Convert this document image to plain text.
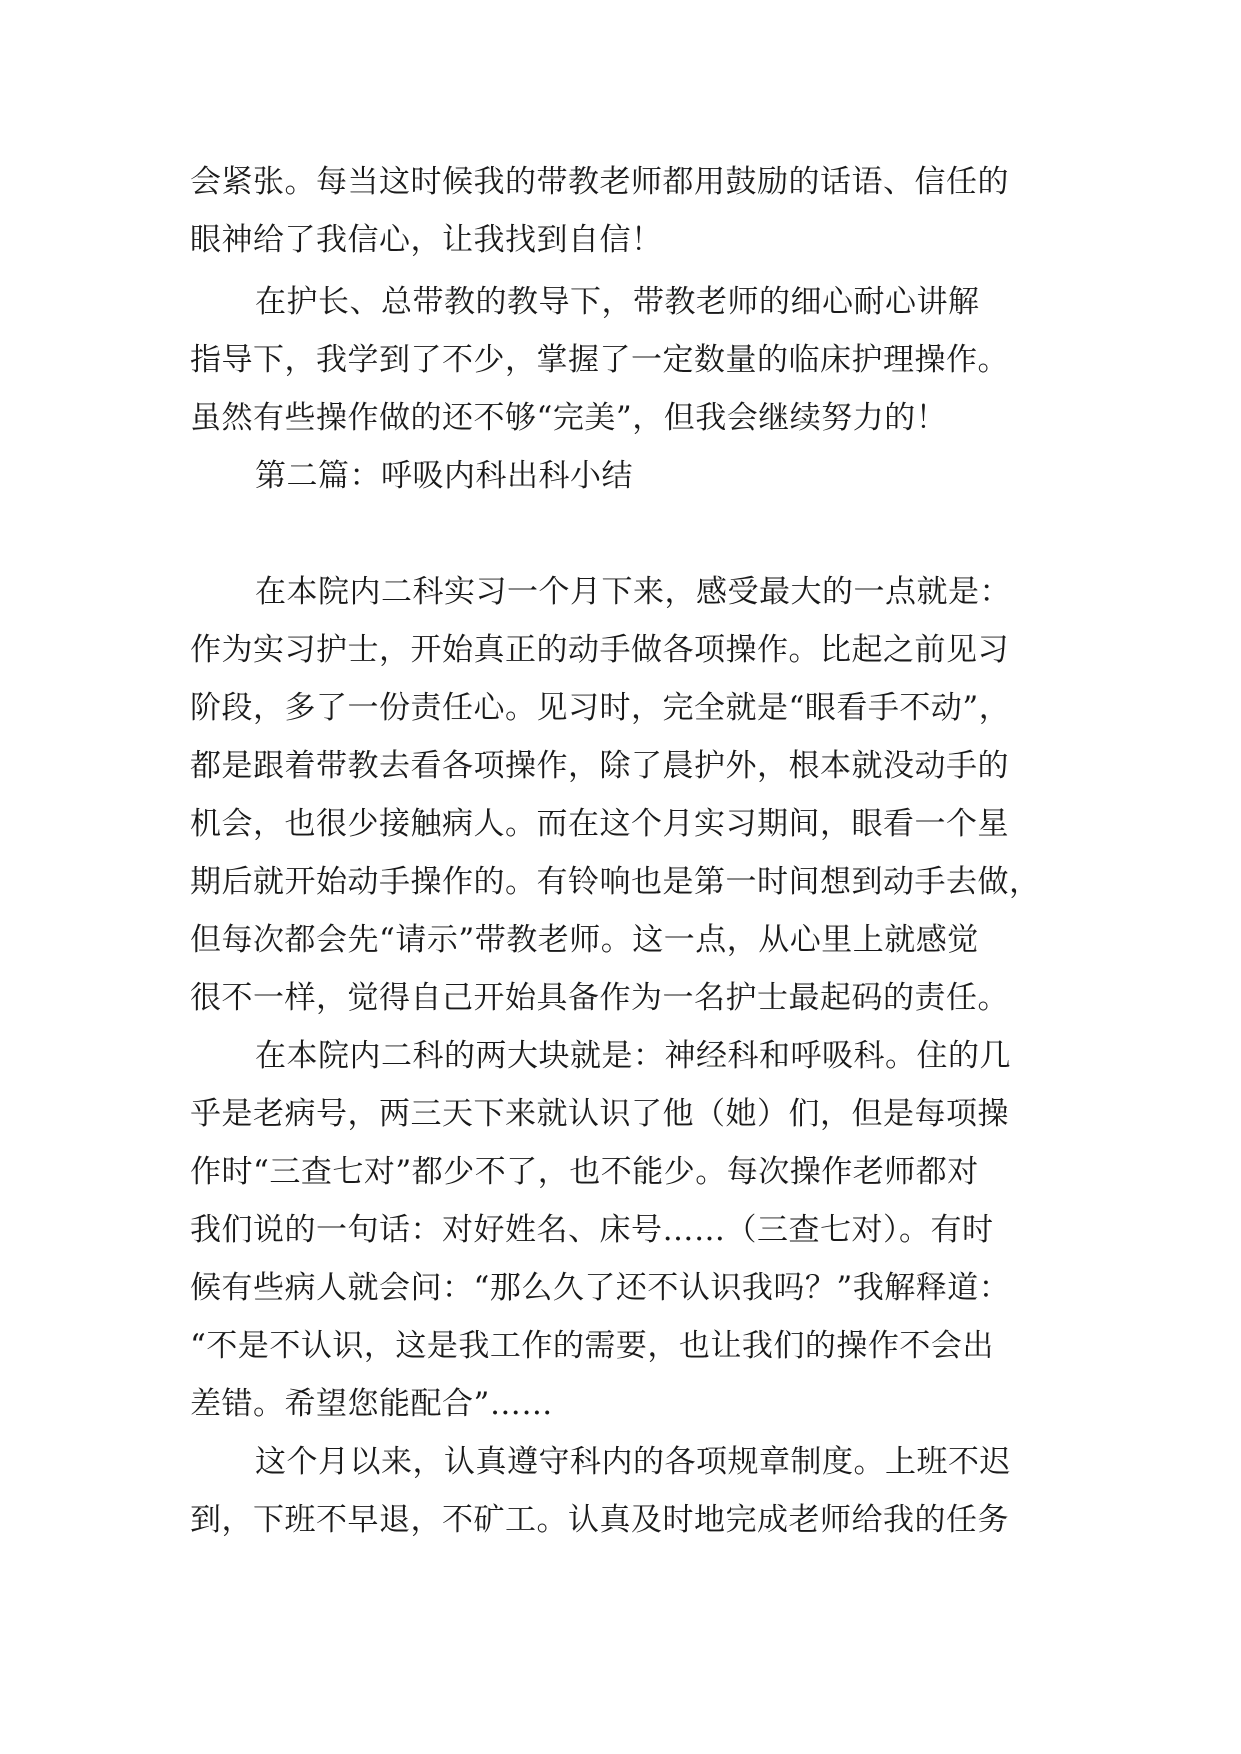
会紧张。每当这时候我的带教老师都用鼓励的话语、信任的
眼神给了我信心，让我找到自信！
在护长、总带教的教导下，带教老师的细心耐心讲解
指导下，我学到了不少，掌握了一定数量的临床护理操作。
虽然有些操作做的还不够“完美”，但我会继续努力的！
第二篇：呼吸内科出科小结
在本院内二科实习一个月下来，感受最大的一点就是：
作为实习护士，开始真正的动手做各项操作。比起之前见习
阶段，多了一份责任心。见习时，完全就是“眼看手不动”，
都是跟着带教去看各项操作，除了晨护外，根本就没动手的
机会，也很少接触病人。而在这个月实习期间，眼看一个星
期后就开始动手操作的。有铃响也是第一时间想到动手去做，
但每次都会先“请示”带教老师。这一点，从心里上就感觉
很不一样，觉得自己开始具备作为一名护士最起码的责任。
在本院内二科的两大块就是：神经科和呼吸科。住的几
乎是老病号，两三天下来就认识了他（她）们，但是每项操
作时“三查七对”都少不了，也不能少。每次操作老师都对
我们说的一句话：对好姓名、床号……（三查七对）。有时
候有些病人就会问：“那么久了还不认识我吗？”我解释道：
“不是不认识，这是我工作的需要，也让我们的操作不会出
差错。希望您能配合”……
这个月以来，认真遵守科内的各项规章制度。上班不迟
到，下班不早退，不矿工。认真及时地完成老师给我的任务
